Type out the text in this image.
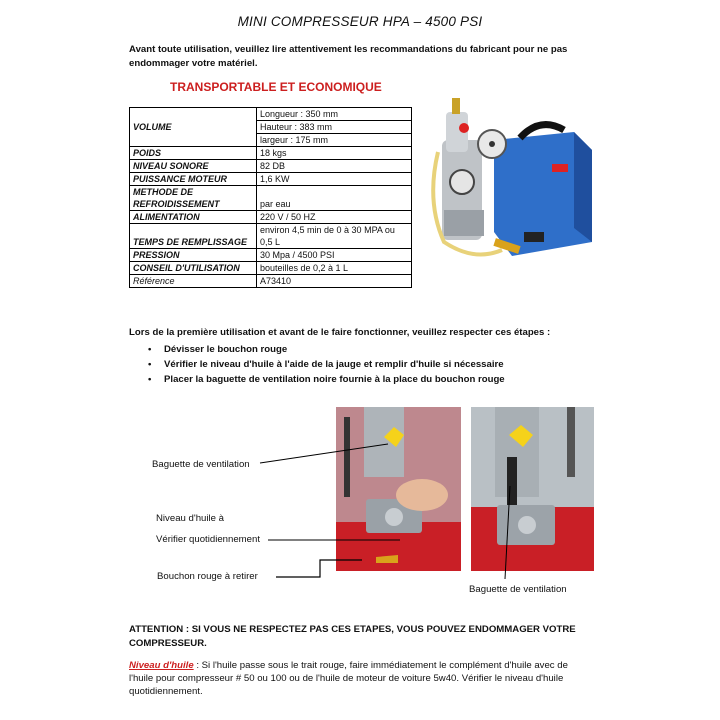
MINI COMPRESSEUR HPA – 4500 PSI
Avant toute utilisation, veuillez lire attentivement les recommandations du fabricant pour ne pas endommager votre matériel.
TRANSPORTABLE ET ECONOMIQUE
VOLUME	Longueur : 350 mm
	Hauteur : 383 mm
	largeur : 175 mm
POIDS	18 kgs
NIVEAU SONORE	82 DB
PUISSANCE MOTEUR	1,6 KW
METHODE DE REFROIDISSEMENT	par eau
ALIMENTATION	220 V / 50 HZ
TEMPS DE REMPLISSAGE	environ 4,5 min de 0 à 30 MPA ou 0,5 L
PRESSION	30 Mpa / 4500 PSI
CONSEIL D'UTILISATION	bouteilles de 0,2 à 1 L
Référence	A73410
Lors de la première utilisation et avant de le faire fonctionner, veuillez respecter ces étapes :
• Dévisser le bouchon rouge
• Vérifier le niveau d'huile à l'aide de la jauge et remplir d'huile si nécessaire
• Placer la baguette de ventilation noire fournie à la place du bouchon rouge
Baguette de ventilation
Niveau d'huile à
Vérifier quotidiennement
Bouchon rouge à retirer
Baguette de ventilation
ATTENTION : SI VOUS NE RESPECTEZ PAS CES ETAPES, VOUS POUVEZ ENDOMMAGER VOTRE COMPRESSEUR.
Niveau d'huile : Si l'huile passe sous le trait rouge, faire immédiatement le complément d'huile avec de l'huile pour compresseur # 50 ou 100 ou de l'huile de moteur de voiture 5w40. Vérifier le niveau d'huile quotidiennement.
